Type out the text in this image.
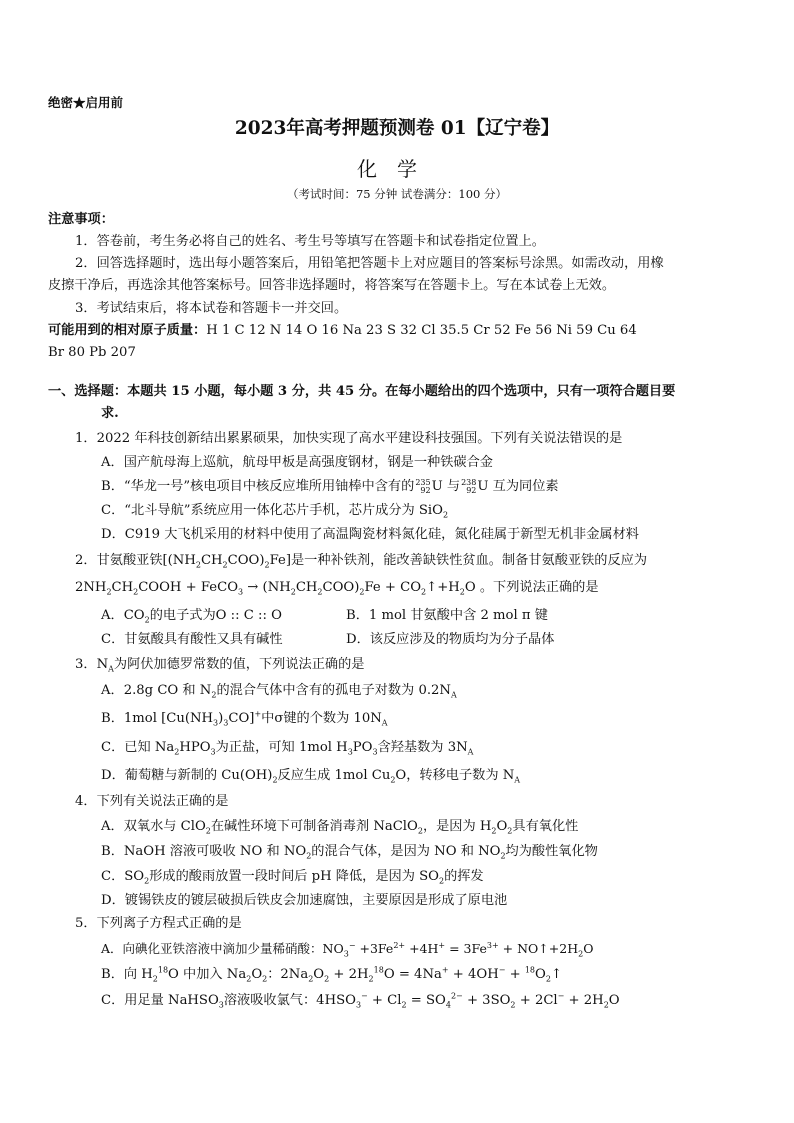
绝密★启用前
2023年高考押题预测卷 01【辽宁卷】
化学
（考试时间：75 分钟 试卷满分：100 分）
注意事项：
1．答卷前，考生务必将自己的姓名、考生号等填写在答题卡和试卷指定位置上。
2．回答选择题时，选出每小题答案后，用铅笔把答题卡上对应题目的答案标号涂黑。如需改动，用橡
皮擦干净后，再选涂其他答案标号。回答非选择题时，将答案写在答题卡上。写在本试卷上无效。
3．考试结束后，将本试卷和答题卡一并交回。
可能用到的相对原子质量：H 1 C 12 N 14 O 16 Na 23 S 32 Cl 35.5 Cr 52 Fe 56 Ni 59 Cu 64
Br 80 Pb 207
一、选择题：本题共 15 小题，每小题 3 分，共 45 分。在每小题给出的四个选项中，只有一项符合题目要
求.
1．2022 年科技创新结出累累硕果，加快实现了高水平建设科技强国。下列有关说法错误的是
A．国产航母海上巡航，航母甲板是高强度钢材，钢是一种铁碳合金
B．“华龙一号”核电项目中核反应堆所用铀棒中含有的 235
92 U 与 238
92 U 互为同位素
C．“北斗导航”系统应用一体化芯片手机，芯片成分为 SiO$_2$
D．C919 大飞机采用的材料中使用了高温陶瓷材料氮化硅，氮化硅属于新型无机非金属材料
2．甘氨酸亚铁$[(NH_2CH_2COO)_2Fe]$是一种补铁剂，能改善缺铁性贫血。制备甘氨酸亚铁的反应为
$2NH_2CH_2COOH$ + FeCO$_3$ → $(NH_2CH_2COO)_2Fe$ + $CO_2↑+H_2O$ 。下列说法正确的是
A．$CO_2$的电子式为O :: C :: O	B．1 mol 甘氨酸中含 2 mol π 键
C．甘氨酸具有酸性又具有碱性	D．该反应涉及的物质均为分子晶体
3．$N_A$为阿伏加德罗常数的值，下列说法正确的是
A．2.8g CO 和 $N_2$的混合气体中含有的孤电子对数为 $0.2N_A$
B．1mol $[Cu(NH_3)_3CO]^+$中σ键的个数为 $10N_A$
C．已知 $Na_2HPO_3$为正盐，可知 1mol $H_3PO_3$含羟基数为 $3N_A$
D．葡萄糖与新制的 $Cu(OH)_2$反应生成 1mol $Cu_2O$，转移电子数为 $N_A$
4．下列有关说法正确的是
A．双氧水与 ClO$_2$在碱性环境下可制备消毒剂 NaClO$_2$，是因为 $H_2O_2$具有氧化性
B．NaOH 溶液可吸收 NO 和 $NO_2$的混合气体，是因为 NO 和 $NO_2$均为酸性氧化物
C．$SO_2$形成的酸雨放置一段时间后 pH 降低，是因为 $SO_2$的挥发
D．镀锡铁皮的镀层破损后铁皮会加速腐蚀，主要原因是形成了原电池
5．下列离子方程式正确的是
A．向碘化亚铁溶液中滴加少量稀硝酸：$NO_3^- +3Fe^{2+} +4H^+ = 3Fe^{3+}$ + $NO↑+2H_2O$
B．向 $H_2^{18}O$ 中加入 $Na_2O_2$：$2Na_2O_2 + 2H_2^{18}O = 4Na^+ + 4OH^-$ + $^{18}O_2↑$
C．用足量 NaHSO$_3$溶液吸收氯气：$4HSO_3^- + Cl_2 = SO_4^{2-} + 3SO_2 + 2Cl^- + 2H_2O$
